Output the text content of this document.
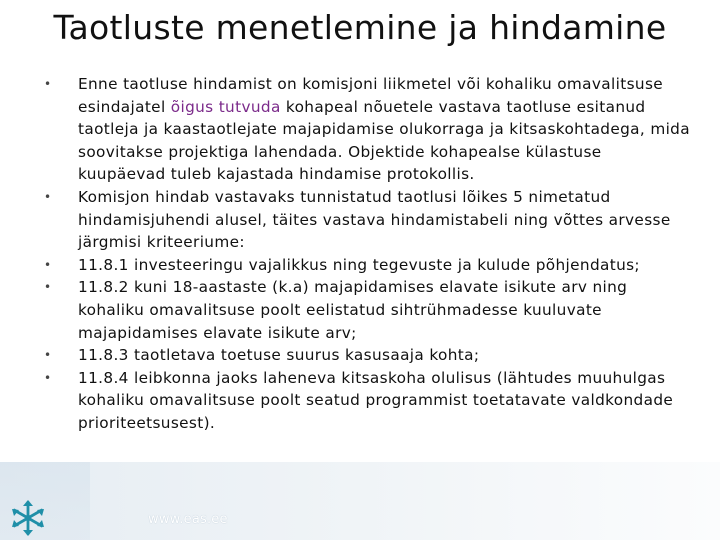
Taotluste menetlemine ja hindamine
• Enne taotluse hindamist on komisjoni liikmetel või kohaliku omavalitsuse esindajatel õigus tutvuda kohapeal nõuetele vastava taotluse esitanud taotleja ja kaastaotlejate majapidamise olukorraga ja kitsaskohtadega, mida soovitakse projektiga lahendada. Objektide kohapealse külastuse kuupäevad tuleb kajastada hindamise protokollis.
• Komisjon hindab vastavaks tunnistatud taotlusi lõikes 5 nimetatud hindamisjuhendi alusel, täites vastava hindamistabeli ning võttes arvesse järgmisi kriteeriume:
• 11.8.1 investeeringu vajalikkus ning tegevuste ja kulude põhjendatus;
• 11.8.2 kuni 18-aastaste (k.a) majapidamises elavate isikute arv ning kohaliku omavalitsuse poolt eelistatud sihtrühmadesse kuuluvate majapidamises elavate isikute arv;
• 11.8.3 taotletava toetuse suurus kasusaaja kohta;
• 11.8.4 leibkonna jaoks laheneva kitsaskoha olulisus (lähtudes muuhulgas kohaliku omavalitsuse poolt seatud programmist toetatavate valdkondade prioriteetsusest).
www.eas.ee
